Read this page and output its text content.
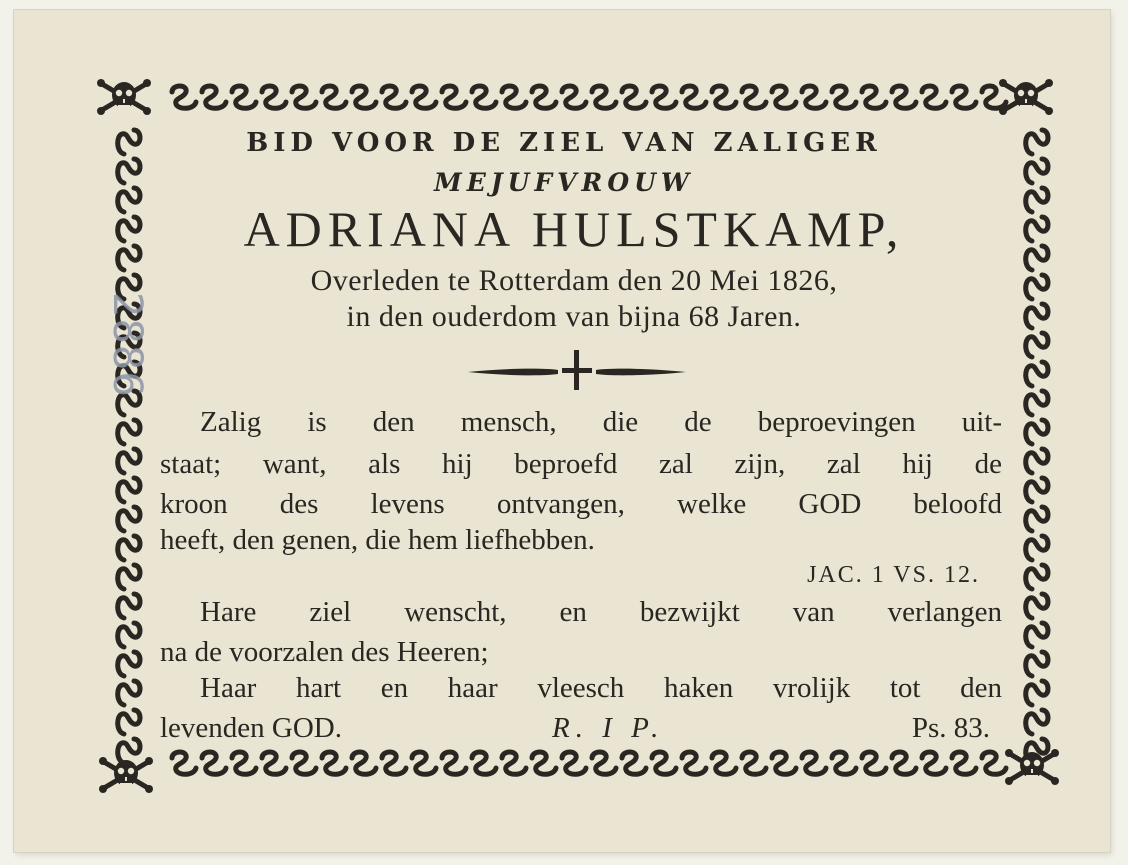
BID VOOR DE ZIEL VAN ZALIGER
MEJUFVROUW
ADRIANA HULSTKAMP,
Overleden te Rotterdam den 20 Mei 1826,
in den ouderdom van bijna 68 Jaren.
Zalig is den mensch, die de beproevingen uit-
staat; want, als hij beproefd zal zijn, zal hij de
kroon des levens ontvangen, welke GOD beloofd
heeft, den genen, die hem liefhebben.
JAC. 1 VS. 12.
Hare ziel wenscht, en bezwijkt van verlangen
na de voorzalen des Heeren;
Haar hart en haar vleesch haken vrolijk tot den
levenden GOD.	R. I P.	Ps. 83.
2886
